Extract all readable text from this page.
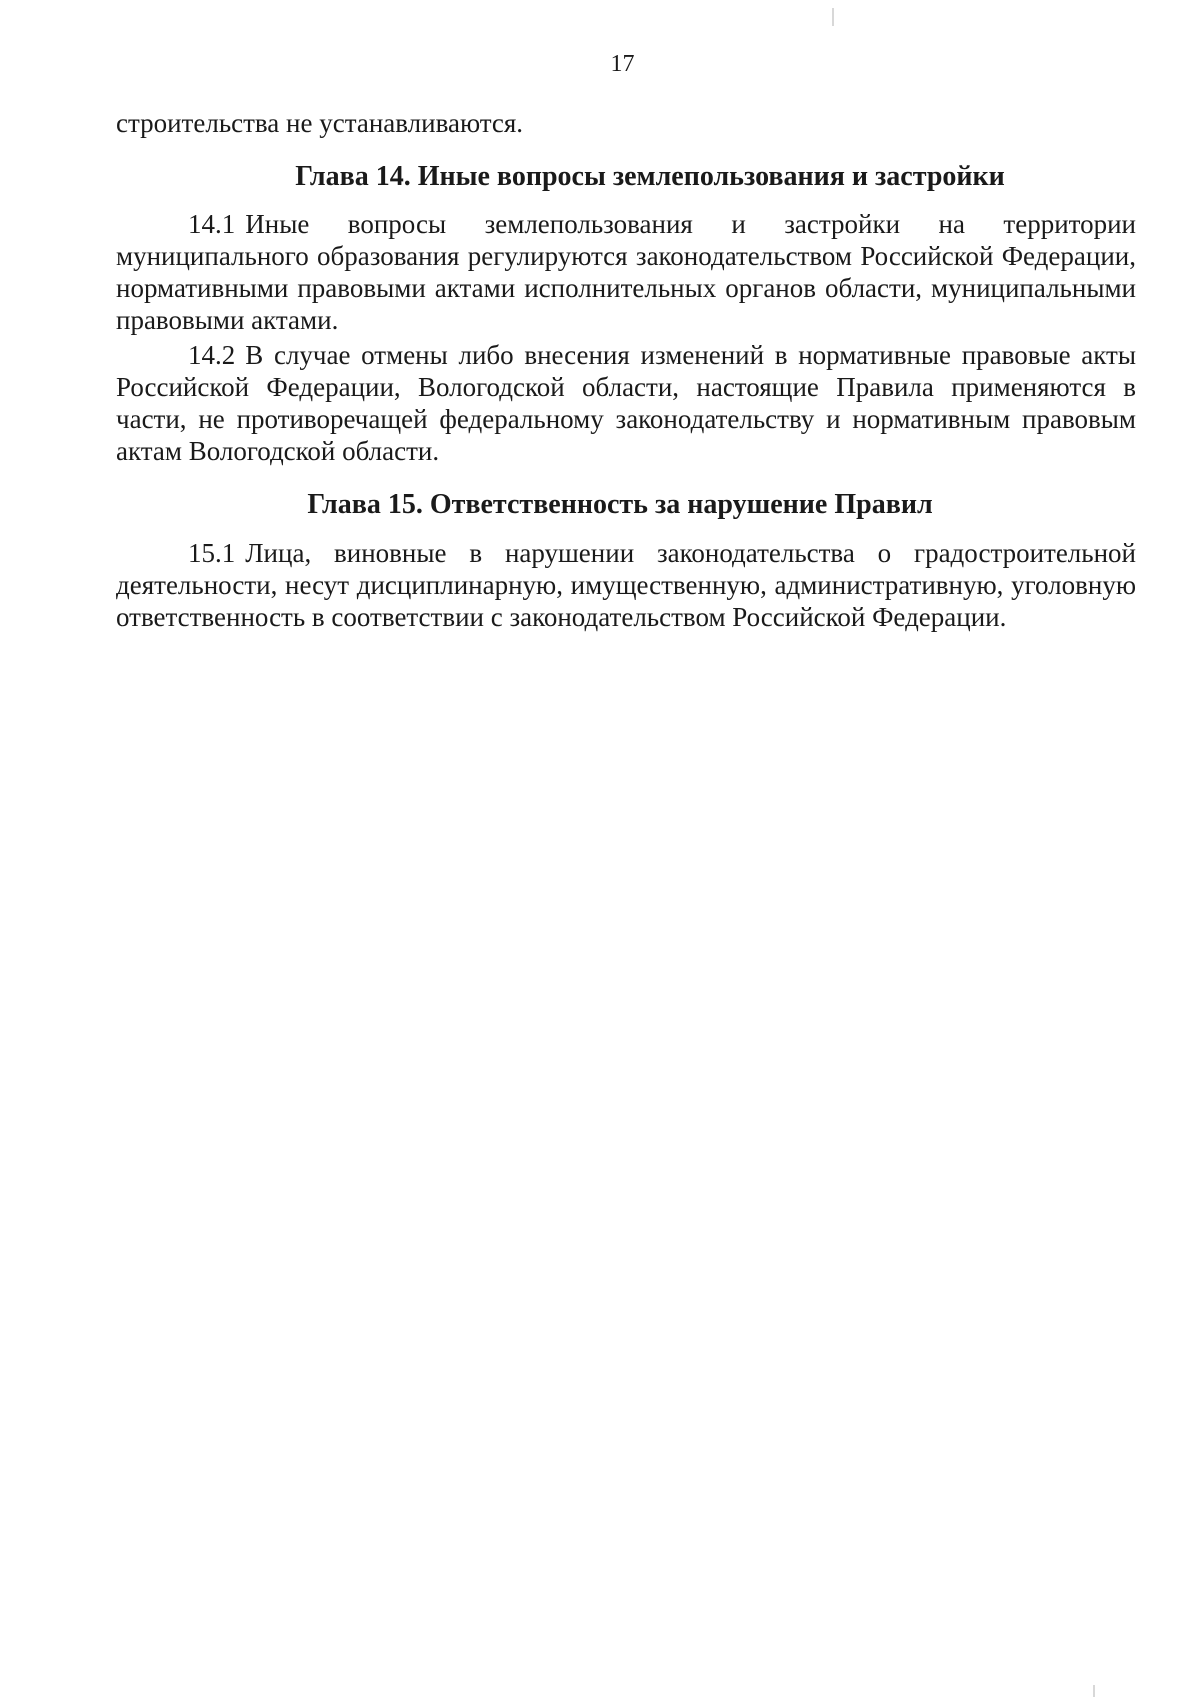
17

строительства не устанавливаются.

Глава 14. Иные вопросы землепользования и застройки

14.1 Иные вопросы землепользования и застройки на территории муниципального образования регулируются законодательством Российской Федерации, нормативными правовыми актами исполнительных органов области, муниципальными правовыми актами.

14.2 В случае отмены либо внесения изменений в нормативные правовые акты Российской Федерации, Вологодской области, настоящие Правила применяются в части, не противоречащей федеральному законодательству и нормативным правовым актам Вологодской области.

Глава 15. Ответственность за нарушение Правил

15.1 Лица, виновные в нарушении законодательства о градостроительной деятельности, несут дисциплинарную, имущественную, административную, уголовную ответственность в соответствии с законодательством Российской Федерации.
